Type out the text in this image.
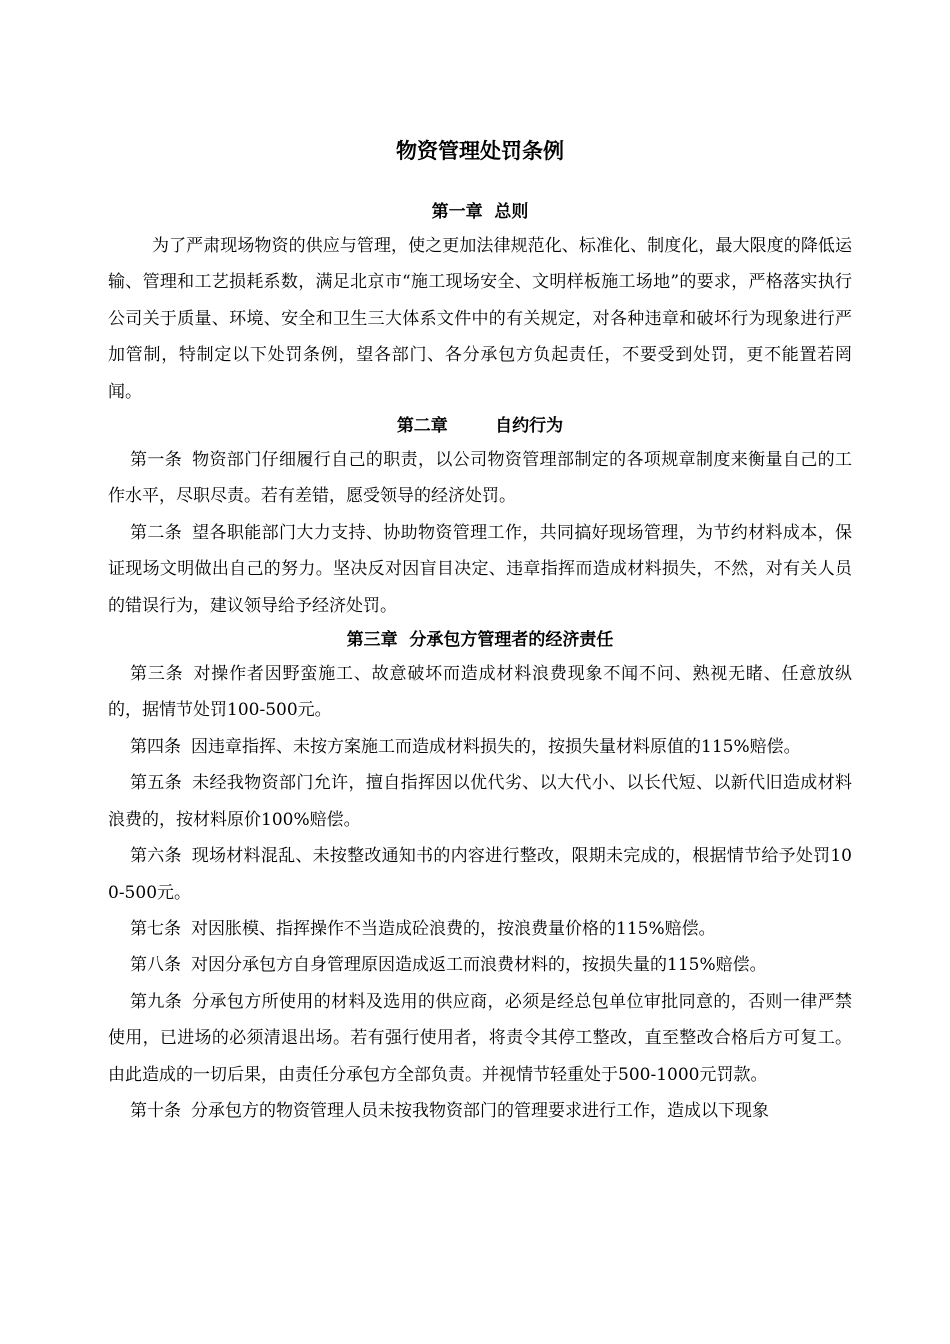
物资管理处罚条例
第一章  总则

为了严肃现场物资的供应与管理，使之更加法律规范化、标准化、制度化，最大限度的降低运输、管理和工艺损耗系数，满足北京市“施工现场安全、文明样板施工场地”的要求，严格落实执行公司关于质量、环境、安全和卫生三大体系文件中的有关规定，对各种违章和破坏行为现象进行严加管制，特制定以下处罚条例，望各部门、各分承包方负起责任，不要受到处罚，更不能置若罔闻。

第二章        自约行为

第一条 物资部门仔细履行自己的职责，以公司物资管理部制定的各项规章制度来衡量自己的工作水平，尽职尽责。若有差错，愿受领导的经济处罚。

第二条 望各职能部门大力支持、协助物资管理工作，共同搞好现场管理，为节约材料成本，保证现场文明做出自己的努力。坚决反对因盲目决定、违章指挥而造成材料损失，不然，对有关人员的错误行为，建议领导给予经济处罚。

第三章  分承包方管理者的经济责任

第三条 对操作者因野蛮施工、故意破坏而造成材料浪费现象不闻不问、熟视无睹、任意放纵的，据情节处罚100-500元。

第四条 因违章指挥、未按方案施工而造成材料损失的，按损失量材料原值的115%赔偿。

第五条 未经我物资部门允许，擅自指挥因以优代劣、以大代小、以长代短、以新代旧造成材料浪费的，按材料原价100%赔偿。

第六条 现场材料混乱、未按整改通知书的内容进行整改，限期未完成的，根据情节给予处罚100-500元。

第七条 对因胀模、指挥操作不当造成砼浪费的，按浪费量价格的115%赔偿。

第八条 对因分承包方自身管理原因造成返工而浪费材料的，按损失量的115%赔偿。

第九条 分承包方所使用的材料及选用的供应商，必须是经总包单位审批同意的，否则一律严禁使用，已进场的必须清退出场。若有强行使用者，将责令其停工整改，直至整改合格后方可复工。由此造成的一切后果，由责任分承包方全部负责。并视情节轻重处于500-1000元罚款。

第十条 分承包方的物资管理人员未按我物资部门的管理要求进行工作，造成以下现象
